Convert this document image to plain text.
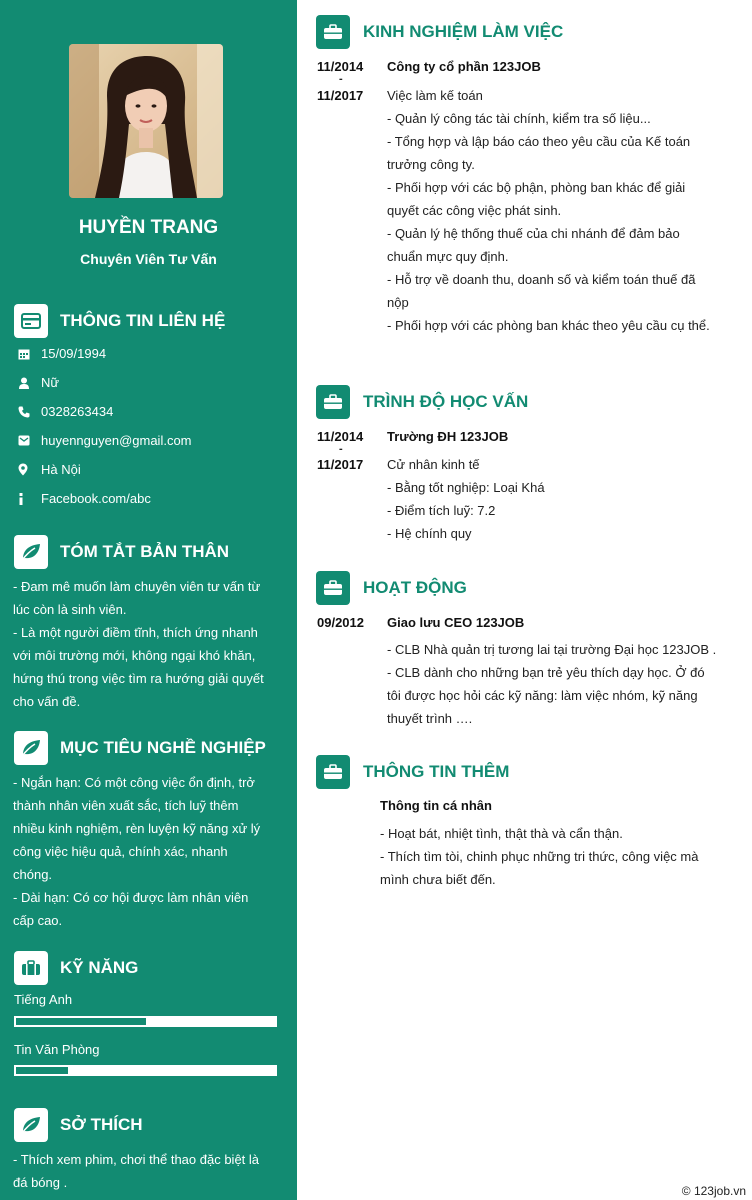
HUYỀN TRANG
Chuyên Viên Tư Vấn
THÔNG TIN LIÊN HỆ
15/09/1994
Nữ
0328263434
huyennguyen@gmail.com
Hà Nội
Facebook.com/abc
TÓM TẮT BẢN THÂN
- Đam mê muốn làm chuyên viên tư vấn từ
lúc còn là sinh viên.
- Là một người điềm tĩnh, thích ứng nhanh
với môi trường mới, không ngại khó khăn,
hứng thú trong việc tìm ra hướng giải quyết
cho vấn đề.
MỤC TIÊU NGHỀ NGHIỆP
- Ngắn hạn: Có một công việc ổn định, trở
thành nhân viên xuất sắc, tích luỹ thêm
nhiều kinh nghiệm, rèn luyện kỹ năng xử lý
công việc hiệu quả, chính xác, nhanh
chóng.
- Dài hạn: Có cơ hội được làm nhân viên
cấp cao.
KỸ NĂNG
Tiếng Anh
Tin Văn Phòng
SỞ THÍCH
- Thích xem phim, chơi thể thao đặc biệt là
đá bóng .
KINH NGHIỆM LÀM VIỆC
11/2014
-
11/2017
Công ty cổ phần 123JOB
Việc làm kế toán
- Quản lý công tác tài chính, kiểm tra số liệu...
- Tổng hợp và lập báo cáo theo yêu cầu của Kế toán
trưởng công ty.
- Phối hợp với các bộ phận, phòng ban khác để giải
quyết các công việc phát sinh.
- Quản lý hệ thống thuế của chi nhánh để đảm bảo
chuẩn mực quy định.
- Hỗ trợ về doanh thu, doanh số và kiểm toán thuế đã
nộp
- Phối hợp với các phòng ban khác theo yêu cầu cụ thể.
TRÌNH ĐỘ HỌC VẤN
11/2014
-
11/2017
Trường ĐH 123JOB
Cử nhân kinh tế
- Bằng tốt nghiệp: Loại Khá
- Điểm tích luỹ: 7.2
- Hệ chính quy
HOẠT ĐỘNG
09/2012 Giao lưu CEO 123JOB
- CLB Nhà quản trị tương lai tại trường Đại học 123JOB .
- CLB dành cho những bạn trẻ yêu thích dạy học. Ở đó
tôi được học hỏi các kỹ năng: làm việc nhóm, kỹ năng
thuyết trình ….
THÔNG TIN THÊM
Thông tin cá nhân
- Hoạt bát, nhiệt tình, thật thà và cẩn thận.
- Thích tìm tòi, chinh phục những tri thức, công việc mà
mình chưa biết đến.
© 123job.vn
